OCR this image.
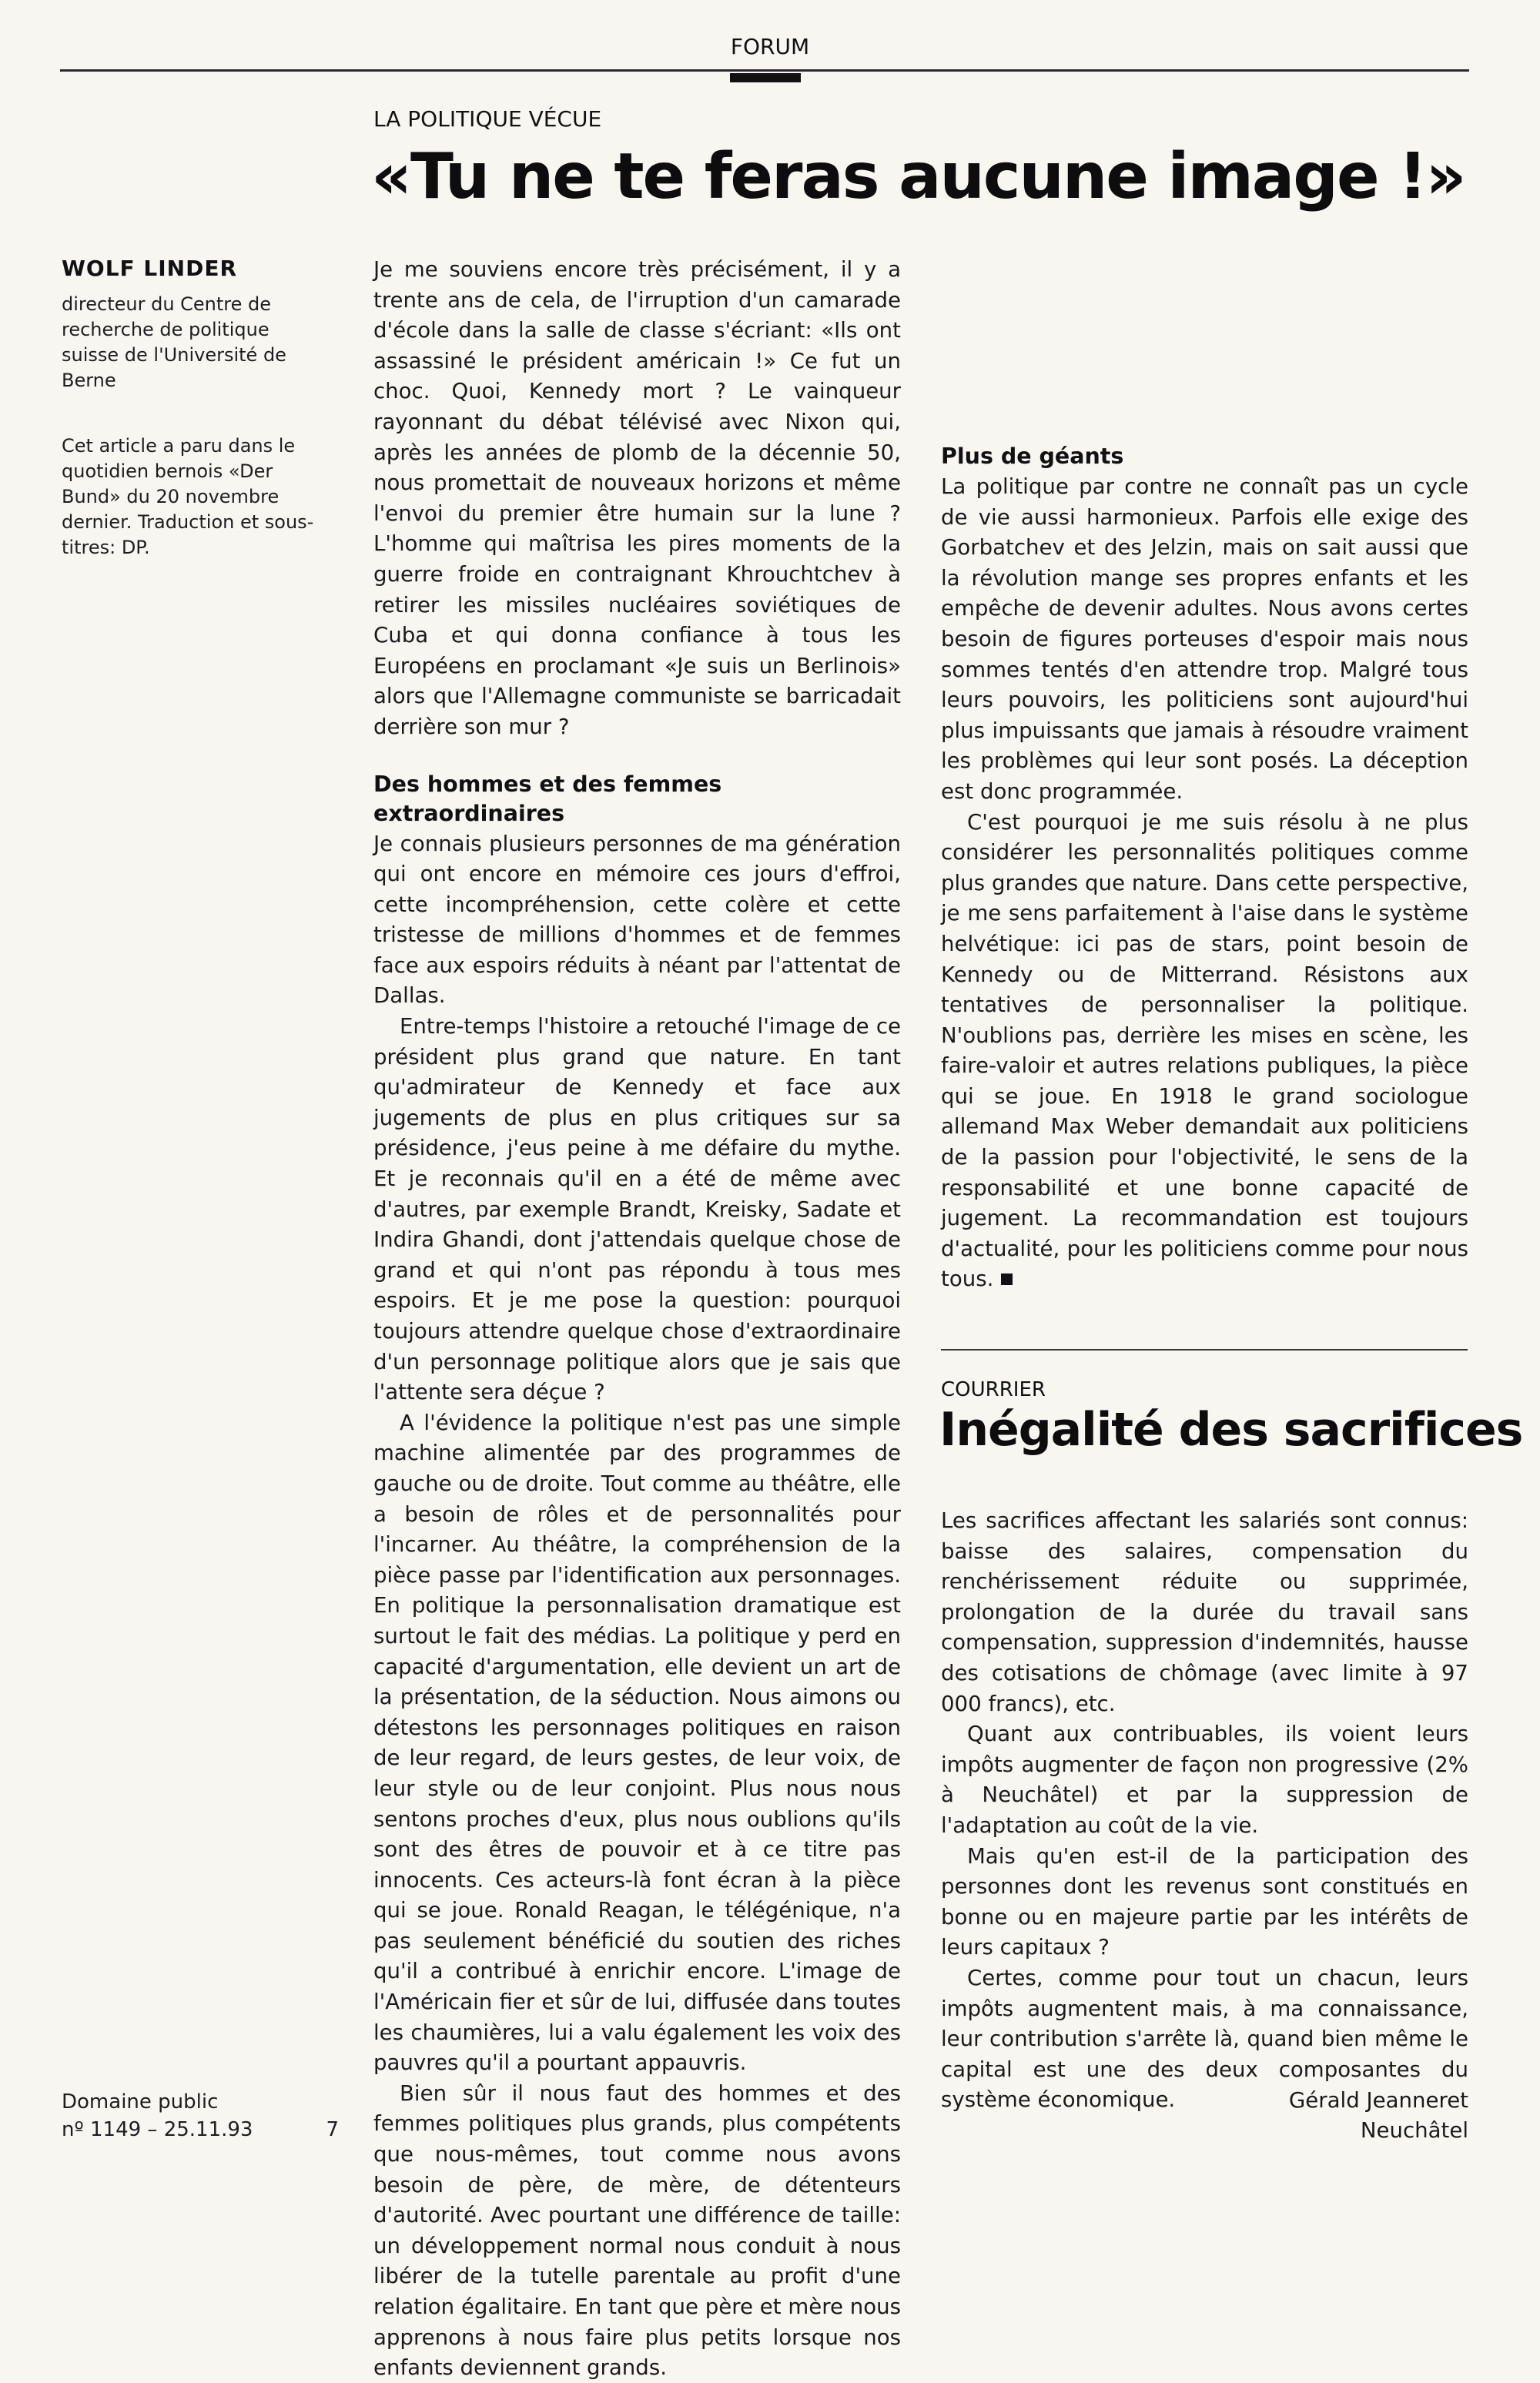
FORUM
LA POLITIQUE VÉCUE
«Tu ne te feras aucune image !»
WOLF LINDER
directeur du Centre de recherche de politique suisse de l'Université de Berne
Cet article a paru dans le quotidien bernois «Der Bund» du 20 novembre dernier. Traduction et sous-titres: DP.

Je me souviens encore très précisément, il y a trente ans de cela, de l'irruption d'un camarade d'école dans la salle de classe s'écriant: «Ils ont assassiné le président américain !» Ce fut un choc. Quoi, Kennedy mort ? Le vainqueur rayonnant du débat télévisé avec Nixon qui, après les années de plomb de la décennie 50, nous promettait de nouveaux horizons et même l'envoi du premier être humain sur la lune ? L'homme qui maîtrisa les pires moments de la guerre froide en contraignant Khrouchtchev à retirer les missiles nucléaires soviétiques de Cuba et qui donna confiance à tous les Européens en proclamant «Je suis un Berlinois» alors que l'Allemagne communiste se barricadait derrière son mur ?

Des hommes et des femmes extraordinaires

Je connais plusieurs personnes de ma génération qui ont encore en mémoire ces jours d'effroi, cette incompréhension, cette colère et cette tristesse de millions d'hommes et de femmes face aux espoirs réduits à néant par l'attentat de Dallas.

Entre-temps l'histoire a retouché l'image de ce président plus grand que nature. En tant qu'admirateur de Kennedy et face aux jugements de plus en plus critiques sur sa présidence, j'eus peine à me défaire du mythe. Et je reconnais qu'il en a été de même avec d'autres, par exemple Brandt, Kreisky, Sadate et Indira Ghandi, dont j'attendais quelque chose de grand et qui n'ont pas répondu à tous mes espoirs. Et je me pose la question: pourquoi toujours attendre quelque chose d'extraordinaire d'un personnage politique alors que je sais que l'attente sera déçue ?

A l'évidence la politique n'est pas une simple machine alimentée par des programmes de gauche ou de droite. Tout comme au théâtre, elle a besoin de rôles et de personnalités pour l'incarner. Au théâtre, la compréhension de la pièce passe par l'identification aux personnages. En politique la personnalisation dramatique est surtout le fait des médias. La politique y perd en capacité d'argumentation, elle devient un art de la présentation, de la séduction. Nous aimons ou détestons les personnages politiques en raison de leur regard, de leurs gestes, de leur voix, de leur style ou de leur conjoint. Plus nous nous sentons proches d'eux, plus nous oublions qu'ils sont des êtres de pouvoir et à ce titre pas innocents. Ces acteurs-là font écran à la pièce qui se joue. Ronald Reagan, le télégénique, n'a pas seulement bénéficié du soutien des riches qu'il a contribué à enrichir encore. L'image de l'Américain fier et sûr de lui, diffusée dans toutes les chaumières, lui a valu également les voix des pauvres qu'il a pourtant appauvris.

Bien sûr il nous faut des hommes et des femmes politiques plus grands, plus compétents que nous-mêmes, tout comme nous avons besoin de père, de mère, de détenteurs d'autorité. Avec pourtant une différence de taille: un développement normal nous conduit à nous libérer de la tutelle parentale au profit d'une relation égalitaire. En tant que père et mère nous apprenons à nous faire plus petits lorsque nos enfants deviennent grands.

Plus de géants

La politique par contre ne connaît pas un cycle de vie aussi harmonieux. Parfois elle exige des Gorbatchev et des Jelzin, mais on sait aussi que la révolution mange ses propres enfants et les empêche de devenir adultes. Nous avons certes besoin de figures porteuses d'espoir mais nous sommes tentés d'en attendre trop. Malgré tous leurs pouvoirs, les politiciens sont aujourd'hui plus impuissants que jamais à résoudre vraiment les problèmes qui leur sont posés. La déception est donc programmée.

C'est pourquoi je me suis résolu à ne plus considérer les personnalités politiques comme plus grandes que nature. Dans cette perspective, je me sens parfaitement à l'aise dans le système helvétique: ici pas de stars, point besoin de Kennedy ou de Mitterrand. Résistons aux tentatives de personnaliser la politique. N'oublions pas, derrière les mises en scène, les faire-valoir et autres relations publiques, la pièce qui se joue. En 1918 le grand sociologue allemand Max Weber demandait aux politiciens de la passion pour l'objectivité, le sens de la responsabilité et une bonne capacité de jugement. La recommandation est toujours d'actualité, pour les politiciens comme pour nous tous.

COURRIER
Inégalité des sacrifices

Les sacrifices affectant les salariés sont connus: baisse des salaires, compensation du renchérissement réduite ou supprimée, prolongation de la durée du travail sans compensation, suppression d'indemnités, hausse des cotisations de chômage (avec limite à 97 000 francs), etc.

Quant aux contribuables, ils voient leurs impôts augmenter de façon non progressive (2% à Neuchâtel) et par la suppression de l'adaptation au coût de la vie.

Mais qu'en est-il de la participation des personnes dont les revenus sont constitués en bonne ou en majeure partie par les intérêts de leurs capitaux ?

Certes, comme pour tout un chacun, leurs impôts augmentent mais, à ma connaissance, leur contribution s'arrête là, quand bien même le capital est une des deux composantes du système économique.	Gérald Jeanneret
Neuchâtel
Domaine public
nº 1149 – 25.11.93	7
